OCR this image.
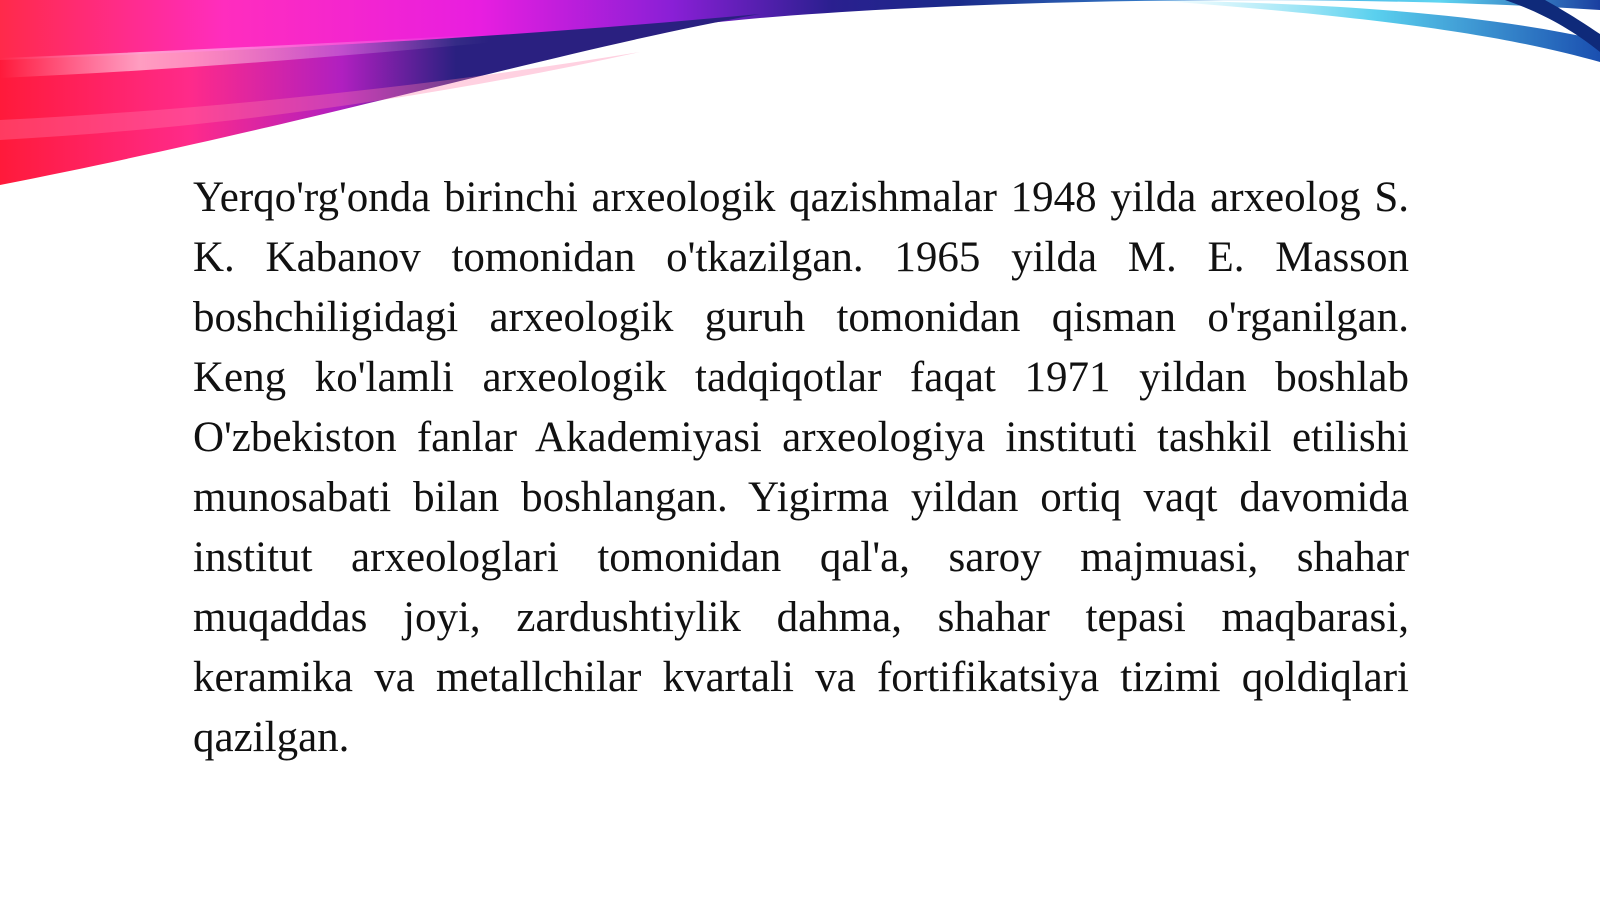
Yerqo'rg'onda birinchi arxeologik qazishmalar 1948 yilda arxeolog S. K. Kabanov tomonidan o'tkazilgan. 1965 yilda M. E. Masson boshchiligidagi arxeologik guruh tomonidan qisman o'rganilgan. Keng ko'lamli arxeologik tadqiqotlar faqat 1971 yildan boshlab O'zbekiston fanlar Akademiyasi arxeologiya instituti tashkil etilishi munosabati bilan boshlangan. Yigirma yildan ortiq vaqt davomida institut arxeologlari tomonidan qal'a, saroy majmuasi, shahar muqaddas joyi, zardushtiylik dahma, shahar tepasi maqbarasi, keramika va metallchilar kvartali va fortifikatsiya tizimi qoldiqlari qazilgan.
